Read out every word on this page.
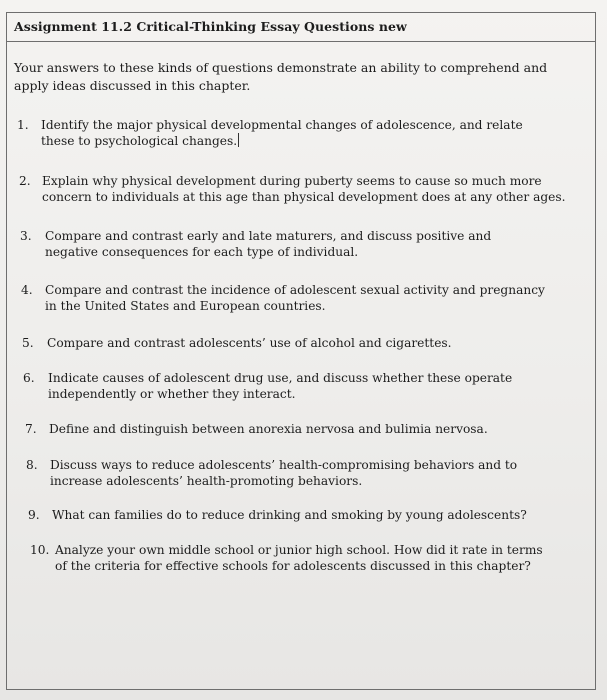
Assignment 11.2 Critical-Thinking Essay Questions new
Your answers to these kinds of questions demonstrate an ability to comprehend and apply ideas discussed in this chapter.
1. Identify the major physical developmental changes of adolescence, and relate these to psychological changes.
2. Explain why physical development during puberty seems to cause so much more concern to individuals at this age than physical development does at any other ages.
3. Compare and contrast early and late maturers, and discuss positive and negative consequences for each type of individual.
4. Compare and contrast the incidence of adolescent sexual activity and pregnancy in the United States and European countries.
5. Compare and contrast adolescents’ use of alcohol and cigarettes.
6. Indicate causes of adolescent drug use, and discuss whether these operate independently or whether they interact.
7. Define and distinguish between anorexia nervosa and bulimia nervosa.
8. Discuss ways to reduce adolescents’ health-compromising behaviors and to increase adolescents’ health-promoting behaviors.
9. What can families do to reduce drinking and smoking by young adolescents?
10. Analyze your own middle school or junior high school. How did it rate in terms of the criteria for effective schools for adolescents discussed in this chapter?
